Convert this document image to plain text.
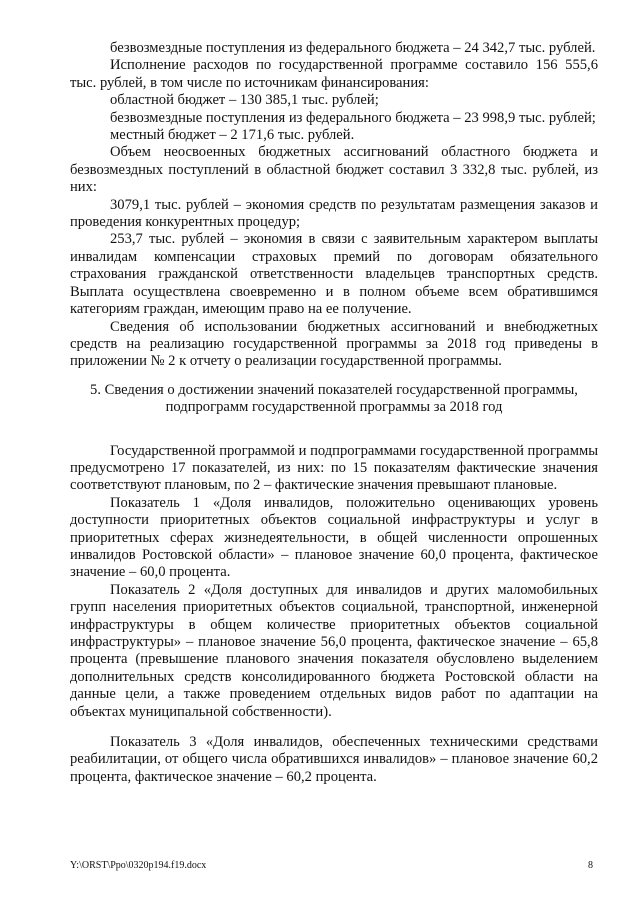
безвозмездные поступления из федерального бюджета – 24 342,7 тыс. рублей.

Исполнение расходов по государственной программе составило 156 555,6 тыс. рублей, в том числе по источникам финансирования:

областной бюджет – 130 385,1 тыс. рублей;

безвозмездные поступления из федерального бюджета – 23 998,9 тыс. рублей;

местный бюджет – 2 171,6 тыс. рублей.

Объем неосвоенных бюджетных ассигнований областного бюджета и безвозмездных поступлений в областной бюджет составил 3 332,8 тыс. рублей, из них:

3079,1 тыс. рублей – экономия средств по результатам размещения заказов и проведения конкурентных процедур;

253,7 тыс. рублей – экономия в связи с заявительным характером выплаты инвалидам компенсации страховых премий по договорам обязательного страхования гражданской ответственности владельцев транспортных средств. Выплата осуществлена своевременно и в полном объеме всем обратившимся категориям граждан, имеющим право на ее получение.

Сведения об использовании бюджетных ассигнований и внебюджетных средств на реализацию государственной программы за 2018 год приведены в приложении № 2 к отчету о реализации государственной программы.

5. Сведения о достижении значений показателей государственной программы, подпрограмм государственной программы за 2018 год

Государственной программой и подпрограммами государственной программы предусмотрено 17 показателей, из них: по 15 показателям фактические значения соответствуют плановым, по 2 – фактические значения превышают плановые.

Показатель 1 «Доля инвалидов, положительно оценивающих уровень доступности приоритетных объектов социальной инфраструктуры и услуг в приоритетных сферах жизнедеятельности, в общей численности опрошенных инвалидов Ростовской области» – плановое значение 60,0 процента, фактическое значение – 60,0 процента.

Показатель 2 «Доля доступных для инвалидов и других маломобильных групп населения приоритетных объектов социальной, транспортной, инженерной инфраструктуры в общем количестве приоритетных объектов социальной инфраструктуры» – плановое значение 56,0 процента, фактическое значение – 65,8 процента (превышение планового значения показателя обусловлено выделением дополнительных средств консолидированного бюджета Ростовской области на данные цели, а также проведением отдельных видов работ по адаптации на объектах муниципальной собственности).

Показатель 3 «Доля инвалидов, обеспеченных техническими средствами реабилитации, от общего числа обратившихся инвалидов» – плановое значение 60,2 процента, фактическое значение – 60,2 процента.

Y:\ORST\Ppo\0320p194.f19.docx	8
